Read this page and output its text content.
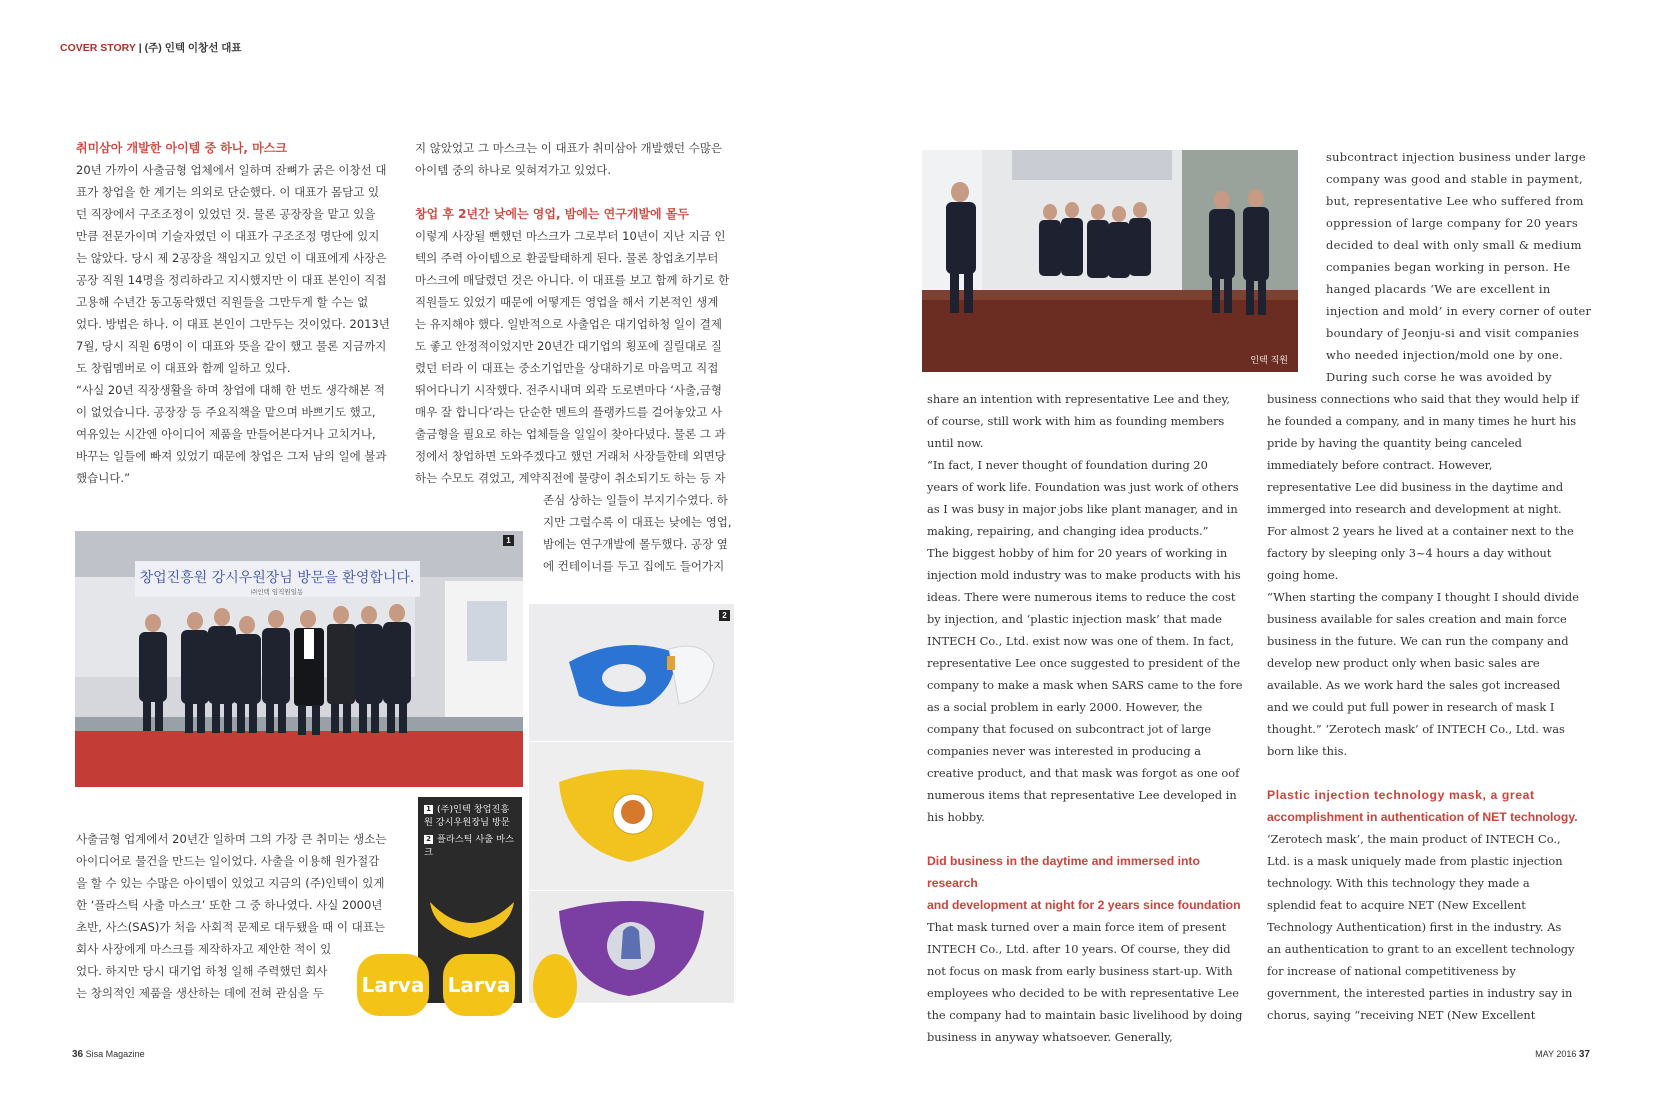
COVER STORY | (주) 인텍 이창선 대표
취미삼아 개발한 아이템 중 하나, 마스크

20년 가까이 사출금형 업체에서 일하며 잔뼈가 굵은 이창선 대

표가 창업을 한 계기는 의외로 단순했다. 이 대표가 몸담고 있

던 직장에서 구조조정이 있었던 것. 물론 공장장을 맡고 있을

만큼 전문가이며 기술자였던 이 대표가 구조조정 명단에 있지

는 않았다. 당시 제 2공장을 책임지고 있던 이 대표에게 사장은

공장 직원 14명을 정리하라고 지시했지만 이 대표 본인이 직접

고용해 수년간 동고동락했던 직원들을 그만두게 할 수는 없

었다. 방법은 하나. 이 대표 본인이 그만두는 것이었다. 2013년

7월, 당시 직원 6명이 이 대표와 뜻을 같이 했고 물론 지금까지

도 창립멤버로 이 대표와 함께 일하고 있다.

“사실 20년 직장생활을 하며 창업에 대해 한 번도 생각해본 적

이 없었습니다. 공장장 등 주요직책을 맡으며 바쁘기도 했고,

여유있는 시간엔 아이디어 제품을 만들어본다거나 고치거나,

바꾸는 일들에 빠져 있었기 때문에 창업은 그저 남의 일에 불과

했습니다.”

지 않았었고 그 마스크는 이 대표가 취미삼아 개발했던 수많은

아이템 중의 하나로 잊혀져가고 있었다.

창업 후 2년간 낮에는 영업, 밤에는 연구개발에 몰두

이렇게 사장될 뻔했던 마스크가 그로부터 10년이 지난 지금 인

텍의 주력 아이템으로 환골탈태하게 된다. 물론 창업초기부터

마스크에 매달렸던 것은 아니다. 이 대표를 보고 함께 하기로 한

직원들도 있었기 때문에 어떻게든 영업을 해서 기본적인 생계

는 유지해야 했다. 일반적으로 사출업은 대기업하청 일이 결제

도 좋고 안정적이었지만 20년간 대기업의 횡포에 질릴대로 질

렸던 터라 이 대표는 중소기업만을 상대하기로 마음먹고 직접

뛰어다니기 시작했다. 전주시내며 외곽 도로변마다 ‘사출,금형

매우 잘 합니다’라는 단순한 멘트의 플랭카드를 걸어놓았고 사

출금형을 필요로 하는 업체들을 일일이 찾아다녔다. 물론 그 과

정에서 창업하면 도와주겠다고 했던 거래처 사장들한테 외면당

하는 수모도 겪었고, 계약직전에 물량이 취소되기도 하는 등 자

존심 상하는 일들이 부지기수였다. 하

지만 그럴수록 이 대표는 낮에는 영업,

밤에는 연구개발에 몰두했다. 공장 옆

에 컨테이너를 두고 집에도 들어가지

창업진흥원 강시우원장님 방문을 환영합니다.
㈜인텍 임직원일동
1
2
1 (주)인텍 창업진흥원 강시우원장님 방문
2 플라스틱 사출 마스크
Larva Larva

사출금형 업계에서 20년간 일하며 그의 가장 큰 취미는 생소는

아이디어로 물건을 만드는 일이었다. 사출을 이용해 원가절감

을 할 수 있는 수많은 아이템이 있었고 지금의 (주)인텍이 있게

한 ‘플라스틱 사출 마스크’ 또한 그 중 하나였다. 사실 2000년

초반, 사스(SAS)가 처음 사회적 문제로 대두됐을 때 이 대표는

회사 사장에게 마스크를 제작하자고 제안한 적이 있

었다. 하지만 당시 대기업 하청 일해 주력했던 회사

는 창의적인 제품을 생산하는 데에 전혀 관심을 두

인텍 직원

subcontract injection business under large

company was good and stable in payment,

but, representative Lee who suffered from

oppression of large company for 20 years

decided to deal with only small & medium

companies began working in person. He

hanged placards ‘We are excellent in

injection and mold’ in every corner of outer

boundary of Jeonju-si and visit companies

who needed injection/mold one by one.

During such corse he was avoided by

share an intention with representative Lee and they,

of course, still work with him as founding members

until now.

“In fact, I never thought of foundation during 20

years of work life. Foundation was just work of others

as I was busy in major jobs like plant manager, and in

making, repairing, and changing idea products.”

The biggest hobby of him for 20 years of working in

injection mold industry was to make products with his

ideas. There were numerous items to reduce the cost

by injection, and ‘plastic injection mask’ that made

INTECH Co., Ltd. exist now was one of them. In fact,

representative Lee once suggested to president of the

company to make a mask when SARS came to the fore

as a social problem in early 2000. However, the

company that focused on subcontract jot of large

companies never was interested in producing a

creative product, and that mask was forgot as one oof

numerous items that representative Lee developed in

his hobby.

Did business in the daytime and immersed into research
and development at night for 2 years since foundation

That mask turned over a main force item of present

INTECH Co., Ltd. after 10 years. Of course, they did

not focus on mask from early business start-up. With

employees who decided to be with representative Lee

the company had to maintain basic livelihood by doing

business in anyway whatsoever. Generally,

business connections who said that they would help if

he founded a company, and in many times he hurt his

pride by having the quantity being canceled

immediately before contract. However,

representative Lee did business in the daytime and

immerged into research and development at night.

For almost 2 years he lived at a container next to the

factory by sleeping only 3~4 hours a day without

going home.

“When starting the company I thought I should divide

business available for sales creation and main force

business in the future. We can run the company and

develop new product only when basic sales are

available. As we work hard the sales got increased

and we could put full power in research of mask I

thought.” ‘Zerotech mask’ of INTECH Co., Ltd. was

born like this.

Plastic injection technology mask, a great
accomplishment in authentication of NET technology.

‘Zerotech mask’, the main product of INTECH Co.,

Ltd. is a mask uniquely made from plastic injection

technology. With this technology they made a

splendid feat to acquire NET (New Excellent

Technology Authentication) first in the industry. As

an authentication to grant to an excellent technology

for increase of national competitiveness by

government, the interested parties in industry say in

chorus, saying “receiving NET (New Excellent

36 Sisa Magazine	MAY 2016 37
